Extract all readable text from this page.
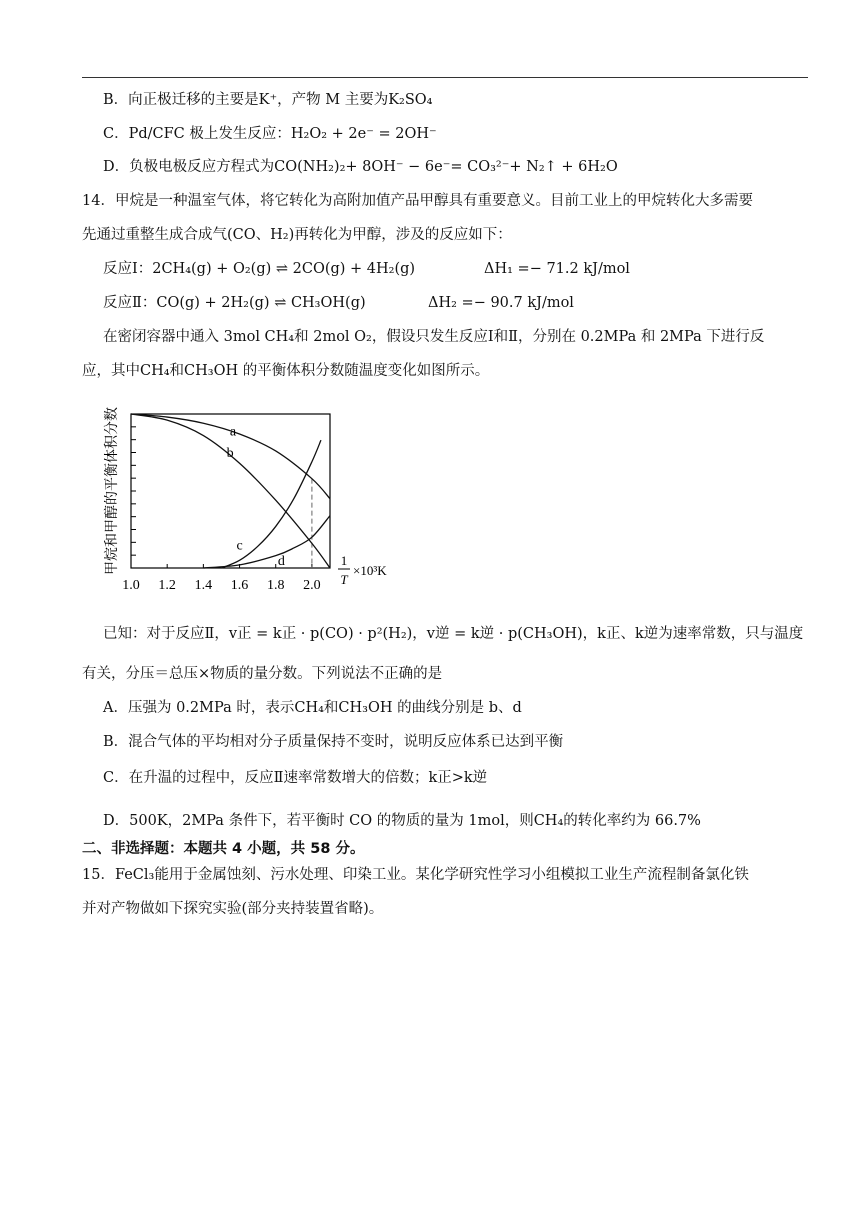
B．向正极迁移的主要是K⁺，产物 M 主要为K₂SO₄
C．Pd/CFC 极上发生反应：H₂O₂ + 2e⁻ = 2OH⁻
D．负极电极反应方程式为CO(NH₂)₂+ 8OH⁻ − 6e⁻= CO₃²⁻+ N₂↑ + 6H₂O
14．甲烷是一种温室气体，将它转化为高附加值产品甲醇具有重要意义。目前工业上的甲烷转化大多需要
先通过重整生成合成气(CO、H₂)再转化为甲醇，涉及的反应如下：
反应Ⅰ：2CH₄(g) + O₂(g) ⇌ 2CO(g) + 4H₂(g)	ΔH₁ =− 71.2 kJ/mol
反应Ⅱ：CO(g) + 2H₂(g) ⇌ CH₃OH(g)	ΔH₂ =− 90.7 kJ/mol
在密闭容器中通入 3mol CH₄和 2mol O₂，假设只发生反应Ⅰ和Ⅱ，分别在 0.2MPa 和 2MPa 下进行反
应，其中CH₄和CH₃OH 的平衡体积分数随温度变化如图所示。
1.0 1.2 1.4 1.6 1.8 2.0
甲烷和甲醇的平衡体积分数	1
T
×10³K
a
b
c
d
已知：对于反应Ⅱ，v正 = k正 · p(CO) · p²(H₂)，v逆 = k逆 · p(CH₃OH)，k正、k逆为速率常数，只与温度
有关，分压＝总压×物质的量分数。下列说法不正确的是
A．压强为 0.2MPa 时，表示CH₄和CH₃OH 的曲线分别是 b、d
B．混合气体的平均相对分子质量保持不变时，说明反应体系已达到平衡
C．在升温的过程中，反应Ⅱ速率常数增大的倍数；k正>k逆
D．500K，2MPa 条件下，若平衡时 CO 的物质的量为 1mol，则CH₄的转化率约为 66.7%
二、非选择题：本题共 4 小题，共 58 分。
15．FeCl₃能用于金属蚀刻、污水处理、印染工业。某化学研究性学习小组模拟工业生产流程制备氯化铁
并对产物做如下探究实验(部分夹持装置省略)。
